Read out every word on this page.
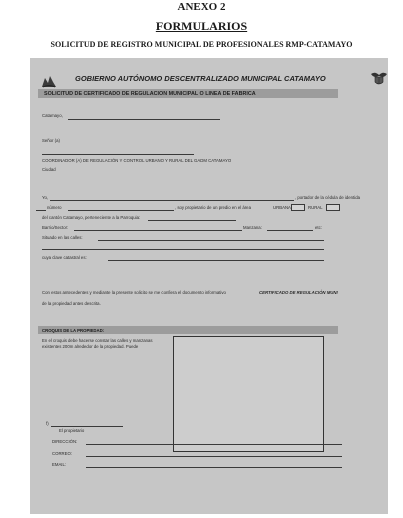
ANEXO 2
FORMULARIOS
SOLICITUD DE REGISTRO MUNICIPAL DE PROFESIONALES RMP-CATAMAYO
GOBIERNO AUTÓNOMO DESCENTRALIZADO MUNICIPAL CATAMAYO
SOLICITUD DE CERTIFICADO DE REGULACION MUNICIPAL O LINEA DE FABRICA
Catamayo,
Señor (a)
COORDINADOR (A) DE REGULACIÓN Y CONTROL URBANO Y RURAL DEL GADM CATAMAYO
Ciudad
Yo,	, portador de la cédula de identida
número	, soy propietario de un predio en el área	URBANA	RURAL
del cantón Catamayo, perteneciente a la Parroquia:
Barrio/Sector:	Manzana:	etc:
Situado en las calles:
cuya clave catastral es:
Con estos antecedentes y mediante la presente solicito se me confiera el documento informativo	CERTIFICADO DE REGULACIÓN MUNI
de la propiedad antes descrita.
CROQUIS DE LA PROPIEDAD:
En el croquis debe hacerse constar las calles y manzanas
existentes 200m alrededor de la propiedad. Puede
f)
El propietario
DIRECCIÓN:
CORREO:
EMAIL:
